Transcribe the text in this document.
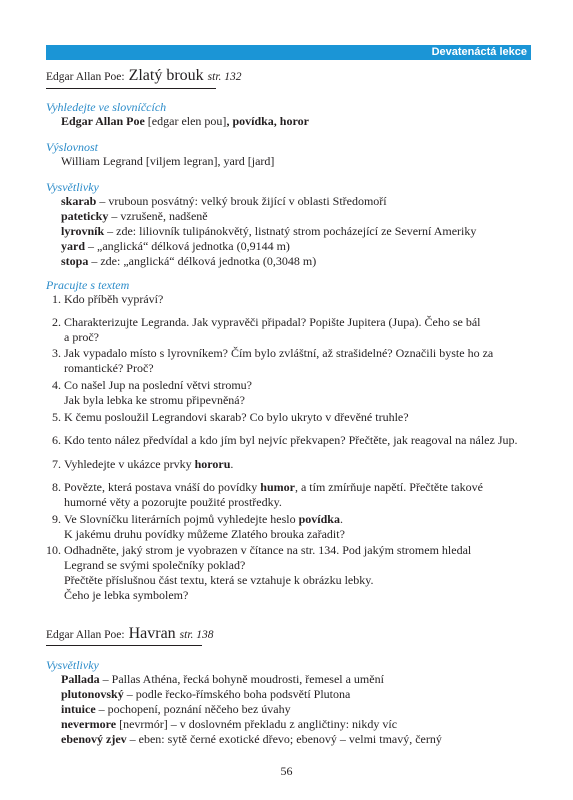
Devatenáctá lekce
Edgar Allan Poe: Zlatý brouk str. 132
Vyhledejte ve slovníčcích
Edgar Allan Poe [edgar elen pou], povídka, horor
Výslovnost
William Legrand [viljem legran], yard [jard]
Vysvětlivky
skarab – vruboun posvátný: velký brouk žijící v oblasti Středomoří
pateticky – vzrušeně, nadšeně
lyrovník – zde: liliovník tulipánokvětý, listnatý strom pocházející ze Severní Ameriky
yard – „anglická“ délková jednotka (0,9144 m)
stopa – zde: „anglická“ délková jednotka (0,3048 m)
Pracujte s textem
1. Kdo příběh vypráví?
2. Charakterizujte Legranda. Jak vypravěči připadal? Popište Jupitera (Jupa). Čeho se bál
a proč?
3. Jak vypadalo místo s lyrovníkem? Čím bylo zvláštní, až strašidelné? Označili byste ho za
romantické? Proč?
4. Co našel Jup na poslední větvi stromu?
Jak byla lebka ke stromu připevněná?
5. K čemu posloužil Legrandovi skarab? Co bylo ukryto v dřevěné truhle?
6. Kdo tento nález předvídal a kdo jím byl nejvíc překvapen? Přečtěte, jak reagoval na nález Jup.
7. Vyhledejte v ukázce prvky hororu.
8. Povězte, která postava vnáší do povídky humor, a tím zmírňuje napětí. Přečtěte takové
humorné věty a pozorujte použité prostředky.
9. Ve Slovníčku literárních pojmů vyhledejte heslo povídka.
K jakému druhu povídky můžeme Zlatého brouka zařadit?
10. Odhadněte, jaký strom je vyobrazen v čítance na str. 134. Pod jakým stromem hledal
Legrand se svými společníky poklad?
Přečtěte příslušnou část textu, která se vztahuje k obrázku lebky.
Čeho je lebka symbolem?
Edgar Allan Poe: Havran str. 138
Vysvětlivky
Pallada – Pallas Athéna, řecká bohyně moudrosti, řemesel a umění
plutonovský – podle řecko-římského boha podsvětí Plutona
intuice – pochopení, poznání něčeho bez úvahy
nevermore [nevrmór] – v doslovném překladu z angličtiny: nikdy víc
ebenový zjev – eben: sytě černé exotické dřevo; ebenový – velmi tmavý, černý
56
